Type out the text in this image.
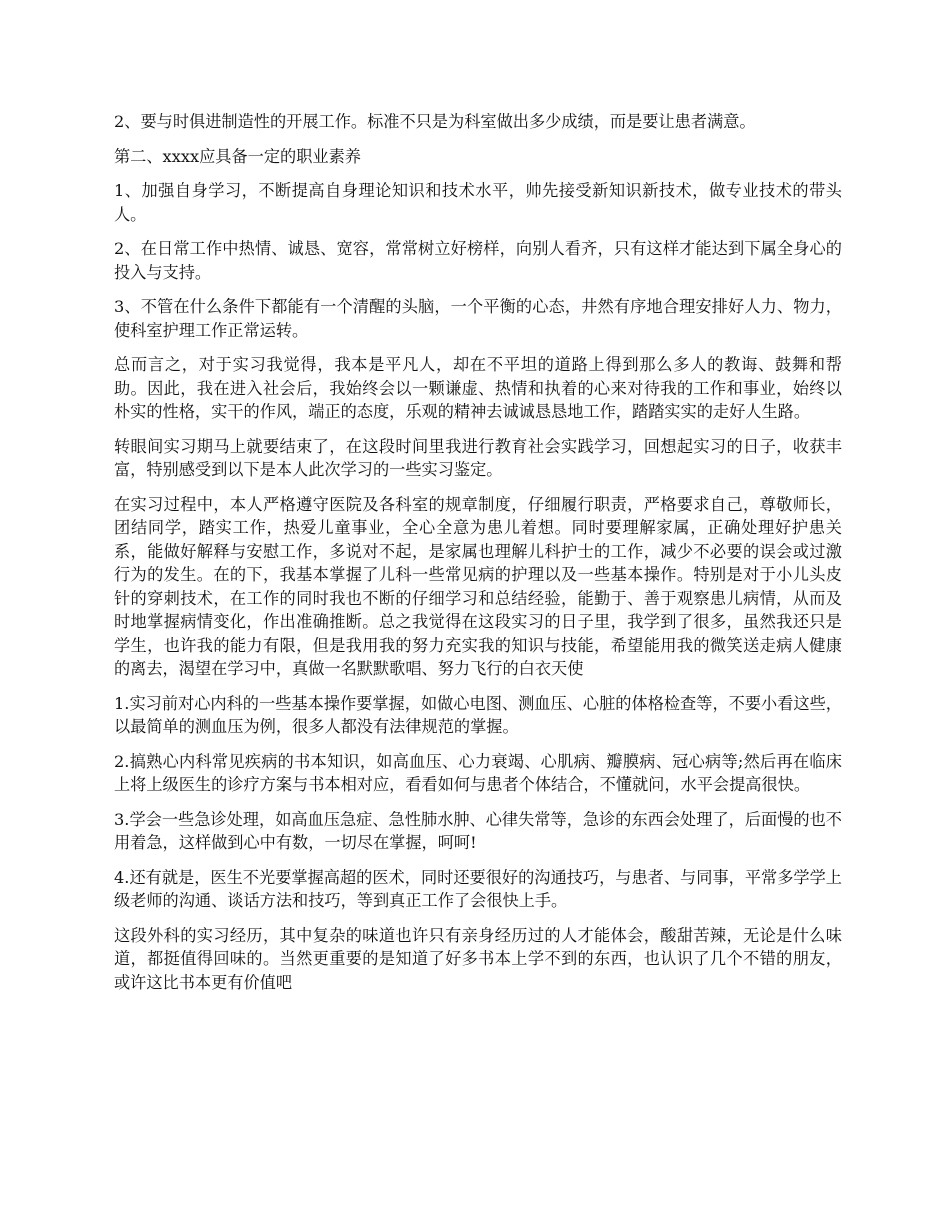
2、要与时俱进制造性的开展工作。标准不只是为科室做出多少成绩，而是要让患者满意。

第二、xxxx应具备一定的职业素养

1、加强自身学习，不断提高自身理论知识和技术水平，帅先接受新知识新技术，做专业技术的带头人。

2、在日常工作中热情、诚恳、宽容，常常树立好榜样，向别人看齐，只有这样才能达到下属全身心的投入与支持。

3、不管在什么条件下都能有一个清醒的头脑，一个平衡的心态，井然有序地合理安排好人力、物力，使科室护理工作正常运转。

总而言之，对于实习我觉得，我本是平凡人，却在不平坦的道路上得到那么多人的教诲、鼓舞和帮助。因此，我在进入社会后，我始终会以一颗谦虚、热情和执着的心来对待我的工作和事业，始终以朴实的性格，实干的作风，端正的态度，乐观的精神去诚诚恳恳地工作，踏踏实实的走好人生路。

转眼间实习期马上就要结束了，在这段时间里我进行教育社会实践学习，回想起实习的日子，收获丰富，特别感受到以下是本人此次学习的一些实习鉴定。

在实习过程中，本人严格遵守医院及各科室的规章制度，仔细履行职责，严格要求自己，尊敬师长，团结同学，踏实工作，热爱儿童事业，全心全意为患儿着想。同时要理解家属，正确处理好护患关系，能做好解释与安慰工作，多说对不起，是家属也理解儿科护士的工作，减少不必要的误会或过激行为的发生。在的下，我基本掌握了儿科一些常见病的护理以及一些基本操作。特别是对于小儿头皮针的穿刺技术，在工作的同时我也不断的仔细学习和总结经验，能勤于、善于观察患儿病情，从而及时地掌握病情变化，作出准确推断。总之我觉得在这段实习的日子里，我学到了很多，虽然我还只是学生，也许我的能力有限，但是我用我的努力充实我的知识与技能，希望能用我的微笑送走病人健康的离去，渴望在学习中，真做一名默默歌唱、努力飞行的白衣天使

1.实习前对心内科的一些基本操作要掌握，如做心电图、测血压、心脏的体格检查等，不要小看这些，以最简单的测血压为例，很多人都没有法律规范的掌握。

2.搞熟心内科常见疾病的书本知识，如高血压、心力衰竭、心肌病、瓣膜病、冠心病等;然后再在临床上将上级医生的诊疗方案与书本相对应，看看如何与患者个体结合，不懂就问，水平会提高很快。

3.学会一些急诊处理，如高血压急症、急性肺水肿、心律失常等，急诊的东西会处理了，后面慢的也不用着急，这样做到心中有数，一切尽在掌握，呵呵!

4.还有就是，医生不光要掌握高超的医术，同时还要很好的沟通技巧，与患者、与同事，平常多学学上级老师的沟通、谈话方法和技巧，等到真正工作了会很快上手。

这段外科的实习经历，其中复杂的味道也许只有亲身经历过的人才能体会，酸甜苦辣，无论是什么味道，都挺值得回味的。当然更重要的是知道了好多书本上学不到的东西，也认识了几个不错的朋友，或许这比书本更有价值吧
